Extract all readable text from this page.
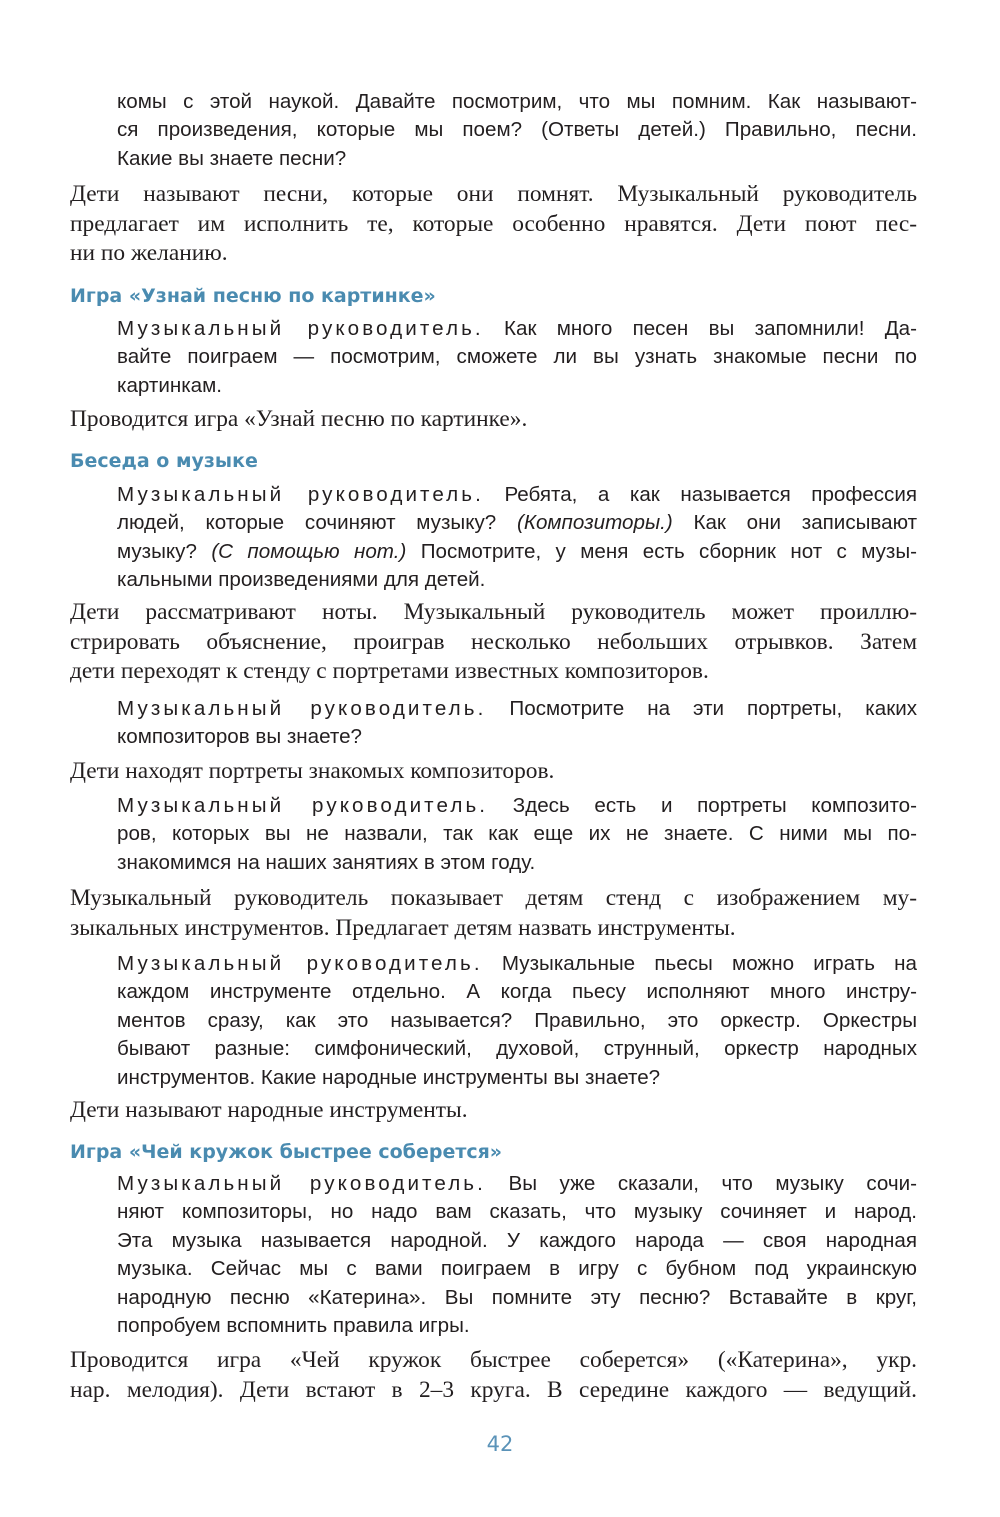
комы с этой наукой. Давайте посмотрим, что мы помним. Как называют-
ся произведения, которые мы поем? (Ответы детей.) Правильно, песни.
Какие вы знаете песни?
Дети называют песни, которые они помнят. Музыкальный руководитель
предлагает им исполнить те, которые особенно нравятся. Дети поют пес-
ни по желанию.
Игра «Узнай песню по картинке»
Музыкальный руководитель. Как много песен вы запомнили! Да-
вайте поиграем — посмотрим, сможете ли вы узнать знакомые песни по
картинкам.
Проводится игра «Узнай песню по картинке».
Беседа о музыке
Музыкальный руководитель. Ребята, а как называется профессия
людей, которые сочиняют музыку? (Композиторы.) Как они записывают
музыку? (С помощью нот.) Посмотрите, у меня есть сборник нот с музы-
кальными произведениями для детей.
Дети рассматривают ноты. Музыкальный руководитель может проиллю-
стрировать объяснение, проиграв несколько небольших отрывков. Затем
дети переходят к стенду с портретами известных композиторов.
Музыкальный руководитель. Посмотрите на эти портреты, каких
композиторов вы знаете?
Дети находят портреты знакомых композиторов.
Музыкальный руководитель. Здесь есть и портреты композито-
ров, которых вы не назвали, так как еще их не знаете. С ними мы по-
знакомимся на наших занятиях в этом году.
Музыкальный руководитель показывает детям стенд с изображением му-
зыкальных инструментов. Предлагает детям назвать инструменты.
Музыкальный руководитель. Музыкальные пьесы можно играть на
каждом инструменте отдельно. А когда пьесу исполняют много инстру-
ментов сразу, как это называется? Правильно, это оркестр. Оркестры
бывают разные: симфонический, духовой, струнный, оркестр народных
инструментов. Какие народные инструменты вы знаете?
Дети называют народные инструменты.
Игра «Чей кружок быстрее соберется»
Музыкальный руководитель. Вы уже сказали, что музыку сочи-
няют композиторы, но надо вам сказать, что музыку сочиняет и народ.
Эта музыка называется народной. У каждого народа — своя народная
музыка. Сейчас мы с вами поиграем в игру с бубном под украинскую
народную песню «Катерина». Вы помните эту песню? Вставайте в круг,
попробуем вспомнить правила игры.
Проводится игра «Чей кружок быстрее соберется» («Катерина», укр.
нар. мелодия). Дети встают в 2–3 круга. В середине каждого — ведущий.
42
